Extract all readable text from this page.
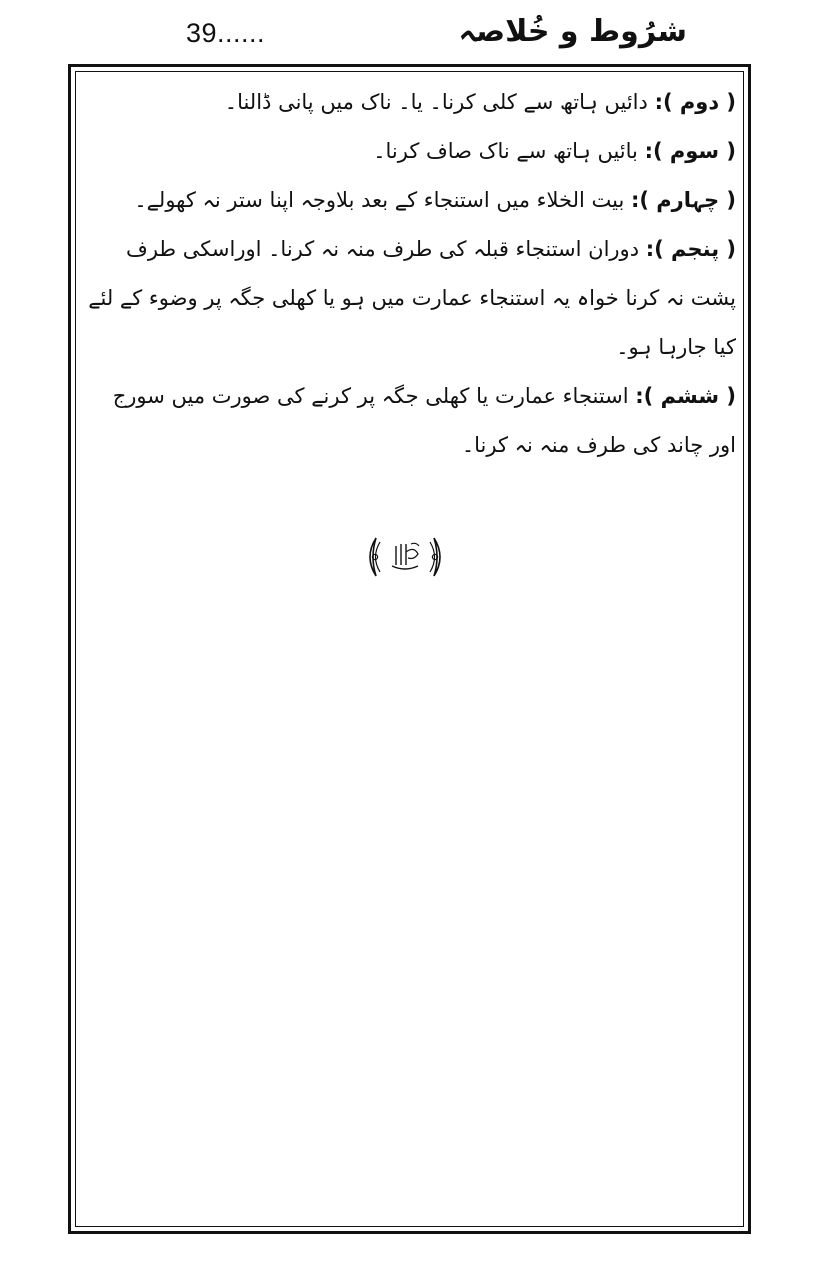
39......	شرُوط و خُلاصہ

( دوم ): دائیں ہاتھ سے کلی کرنا۔ یا۔ ناک میں پانی ڈالنا۔

( سوم ): بائیں ہاتھ سے ناک صاف کرنا۔

( چہارم ): بیت الخلاء میں استنجاء کے بعد بلاوجہ اپنا ستر نہ کھولے۔

( پنجم ): دوران استنجاء قبلہ کی طرف منہ نہ کرنا۔ اوراسکی طرف پشت نہ کرنا خواہ یہ استنجاء عمارت میں ہو یا کھلی جگہ پر وضوء کے لئے کیا جارہا ہو۔

( ششم ): استنجاء عمارت یا کھلی جگہ پر کرنے کی صورت میں سورج اور چاند کی طرف منہ نہ کرنا۔
